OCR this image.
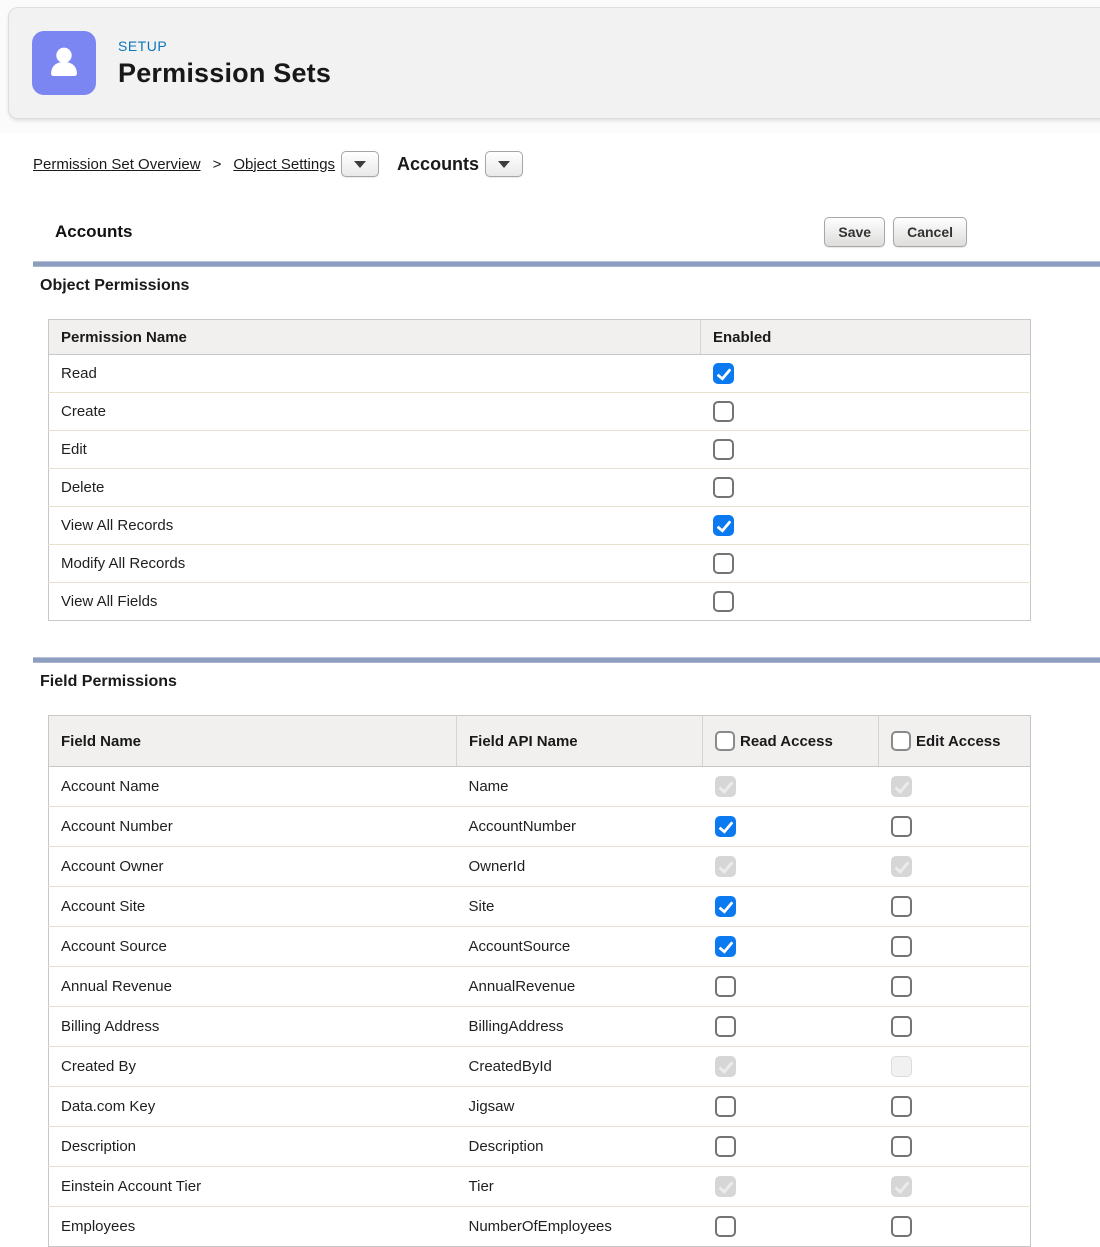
SETUP
Permission Sets
Permission Set Overview > Object Settings	Accounts
Accounts	Save	Cancel
Object Permissions
Permission Name	Enabled
Read	
Create	
Edit	
Delete	
View All Records	
Modify All Records	
View All Fields	
Field Permissions
Field Name	Field API Name	Read Access	Edit Access

Account Name	Name		
Account Number	AccountNumber		
Account Owner	OwnerId		
Account Site	Site		
Account Source	AccountSource		
Annual Revenue	AnnualRevenue		
Billing Address	BillingAddress		
Created By	CreatedById		
Data.com Key	Jigsaw		
Description	Description		
Einstein Account Tier	Tier		
Employees	NumberOfEmployees		
